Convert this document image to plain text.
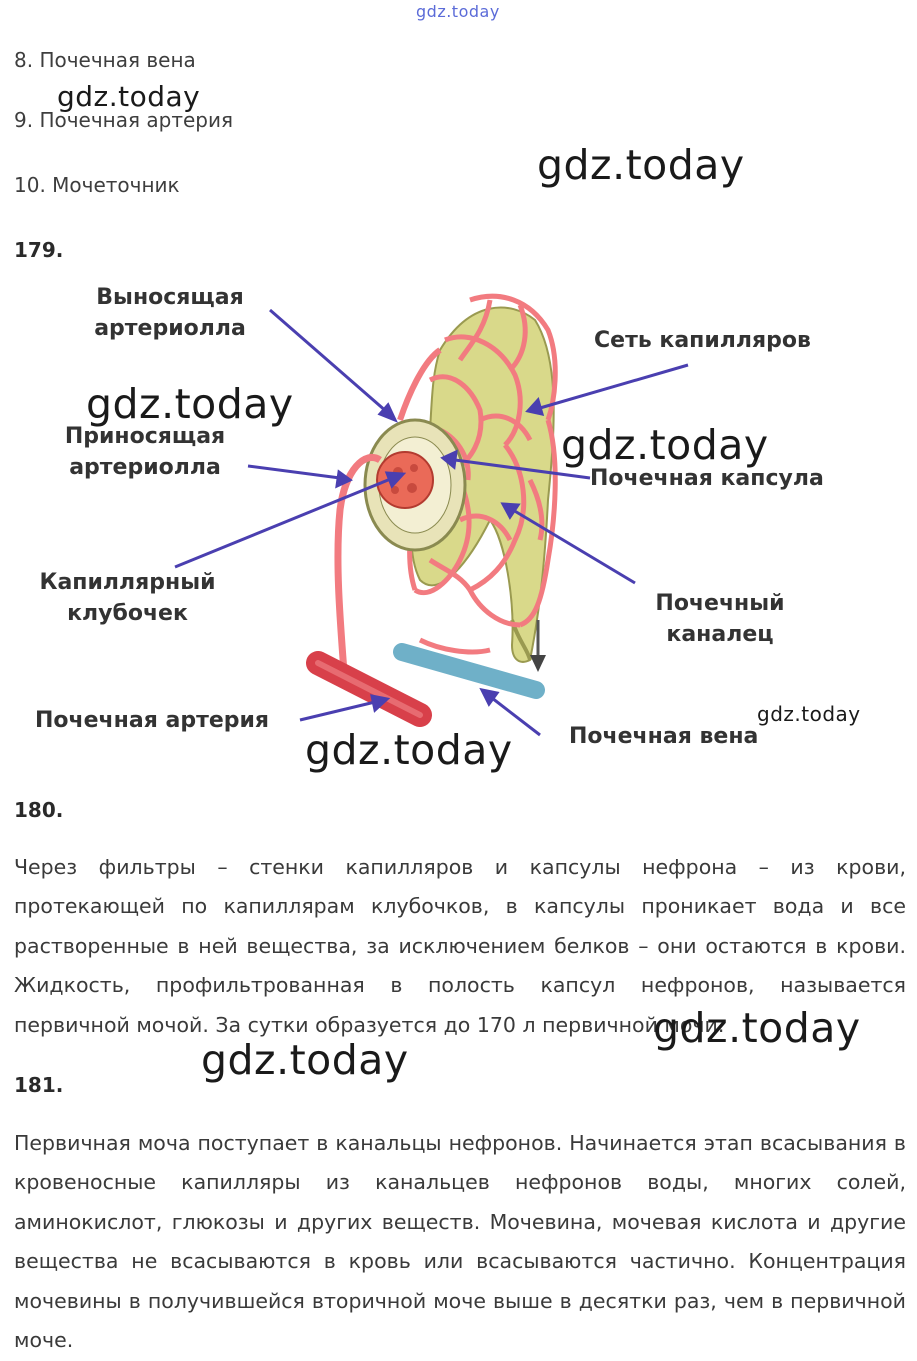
gdz.today
8. Почечная вена
9. Почечная артерия
10. Мочеточник
gdz.today
gdz.today
179.
Выносящая
артериолла
Приносящая
артериолла
Капиллярный
клубочек
Почечная артерия
Сеть капилляров
Почечная капсула
Почечный
каналец
Почечная вена
gdz.today
gdz.today
gdz.today
gdz.today
180.

Через фильтры – стенки капилляров и капсулы нефрона – из крови, протекающей по капиллярам клубочков, в капсулы проникает вода и все растворенные в ней вещества, за исключением белков – они остаются в крови. Жидкость, профильтрованная в полость капсул нефронов, называется первичной мочой. За сутки образуется до 170 л первичной мочи.

gdz.today
gdz.today
181.

Первичная моча поступает в канальцы нефронов. Начинается этап всасывания в кровеносные капилляры из канальцев нефронов воды, многих солей, аминокислот, глюкозы и других веществ. Мочевина, мочевая кислота и другие вещества не всасываются в кровь или всасываются частично. Концентрация мочевины в получившейся вторичной моче выше в десятки раз, чем в первичной моче.
